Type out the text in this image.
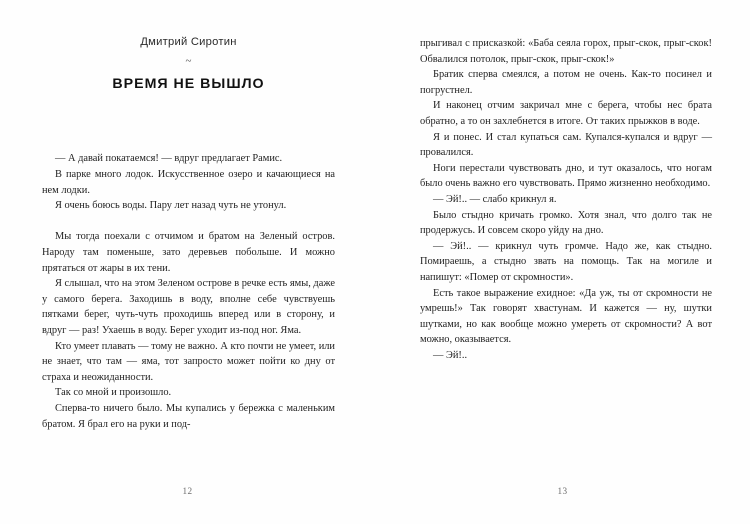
Дмитрий Сиротин
~
ВРЕМЯ НЕ ВЫШЛО

— А давай покатаемся! — вдруг предлагает Рамис.

В парке много лодок. Искусственное озеро и качающиеся на нем лодки.

Я очень боюсь воды. Пару лет назад чуть не утонул.

Мы тогда поехали с отчимом и братом на Зеленый остров. Народу там поменьше, зато деревьев побольше. И можно прятаться от жары в их тени.

Я слышал, что на этом Зеленом острове в речке есть ямы, даже у самого берега. Заходишь в воду, вполне себе чувствуешь пятками берег, чуть-чуть проходишь вперед или в сторону, и вдруг — раз! Ухаешь в воду. Берег уходит из-под ног. Яма.

Кто умеет плавать — тому не важно. А кто почти не умеет, или не знает, что там — яма, тот запросто может пойти ко дну от страха и неожиданности.

Так со мной и произошло.

Сперва-то ничего было. Мы купались у бережка с маленьким братом. Я брал его на руки и под-

12

прыгивал с присказкой: «Баба сеяла горох, прыг-скок, прыг-скок! Обвалился потолок, прыг-скок, прыг-скок!»

Братик сперва смеялся, а потом не очень. Как-то посинел и погрустнел.

И наконец отчим закричал мне с берега, чтобы нес брата обратно, а то он захлебнется в итоге. От таких прыжков в воде.

Я и понес. И стал купаться сам. Купался-купался и вдруг — провалился.

Ноги перестали чувствовать дно, и тут оказалось, что ногам было очень важно его чувствовать. Прямо жизненно необходимо.

— Эй!.. — слабо крикнул я.

Было стыдно кричать громко. Хотя знал, что долго так не продержусь. И совсем скоро уйду на дно.

— Эй!.. — крикнул чуть громче. Надо же, как стыдно. Помираешь, а стыдно звать на помощь. Так на могиле и напишут: «Помер от скромности».

Есть такое выражение ехидное: «Да уж, ты от скромности не умрешь!» Так говорят хвастунам. И кажется — ну, шутки шутками, но как вообще можно умереть от скромности? А вот можно, оказывается.

— Эй!..

13
